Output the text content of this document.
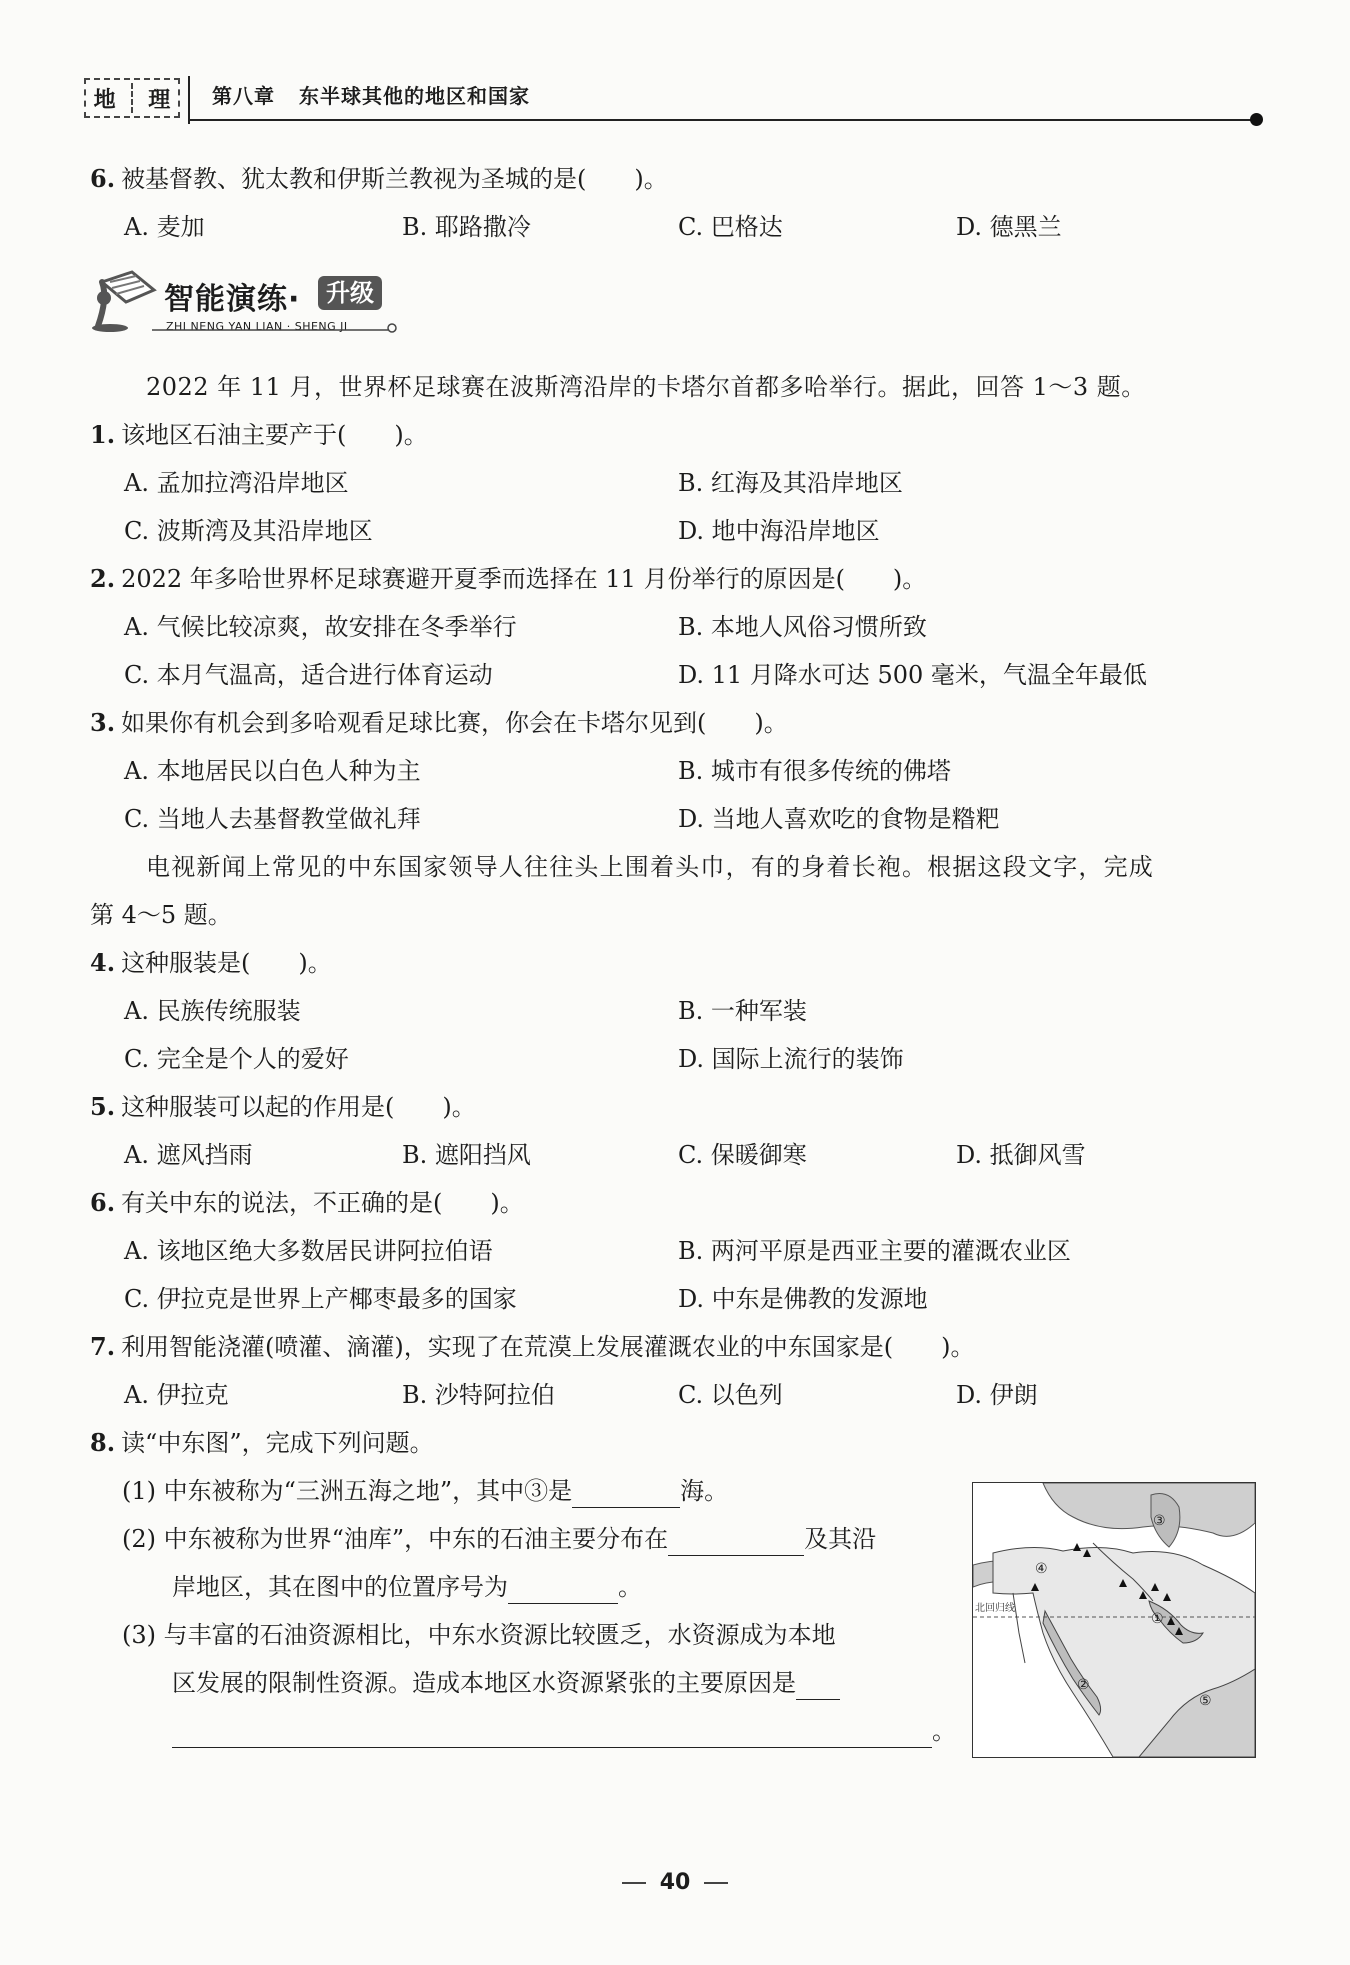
地 理 第八章 东半球其他的地区和国家
6. 被基督教、犹太教和伊斯兰教视为圣城的是(　　)。
A. 麦加	B. 耶路撒冷	C. 巴格达	D. 德黑兰
智能演练·	升级
ZHI NENG YAN LIAN · SHENG JI
2022 年 11 月，世界杯足球赛在波斯湾沿岸的卡塔尔首都多哈举行。据此，回答 1～3 题。
1. 该地区石油主要产于(　　)。
A. 孟加拉湾沿岸地区	B. 红海及其沿岸地区
C. 波斯湾及其沿岸地区	D. 地中海沿岸地区
2. 2022 年多哈世界杯足球赛避开夏季而选择在 11 月份举行的原因是(　　)。
A. 气候比较凉爽，故安排在冬季举行	B. 本地人风俗习惯所致
C. 本月气温高，适合进行体育运动	D. 11 月降水可达 500 毫米，气温全年最低
3. 如果你有机会到多哈观看足球比赛，你会在卡塔尔见到(　　)。
A. 本地居民以白色人种为主	B. 城市有很多传统的佛塔
C. 当地人去基督教堂做礼拜	D. 当地人喜欢吃的食物是糌粑
电视新闻上常见的中东国家领导人往往头上围着头巾，有的身着长袍。根据这段文字，完成
第 4～5 题。
4. 这种服装是(　　)。
A. 民族传统服装	B. 一种军装
C. 完全是个人的爱好	D. 国际上流行的装饰
5. 这种服装可以起的作用是(　　)。
A. 遮风挡雨	B. 遮阳挡风	C. 保暖御寒	D. 抵御风雪
6. 有关中东的说法，不正确的是(　　)。
A. 该地区绝大多数居民讲阿拉伯语	B. 两河平原是西亚主要的灌溉农业区
C. 伊拉克是世界上产椰枣最多的国家	D. 中东是佛教的发源地
7. 利用智能浇灌(喷灌、滴灌)，实现了在荒漠上发展灌溉农业的中东国家是(　　)。
A. 伊拉克	B. 沙特阿拉伯	C. 以色列	D. 伊朗
8. 读“中东图”，完成下列问题。
(1) 中东被称为“三洲五海之地”，其中③是	海。
(2) 中东被称为世界“油库”，中东的石油主要分布在	及其沿
岸地区，其在图中的位置序号为	。
(3) 与丰富的石油资源相比，中东水资源比较匮乏，水资源成为本地
区发展的限制性资源。造成本地区水资源紧张的主要原因是
。
北回归线
①
②
③
④
⑤
40
